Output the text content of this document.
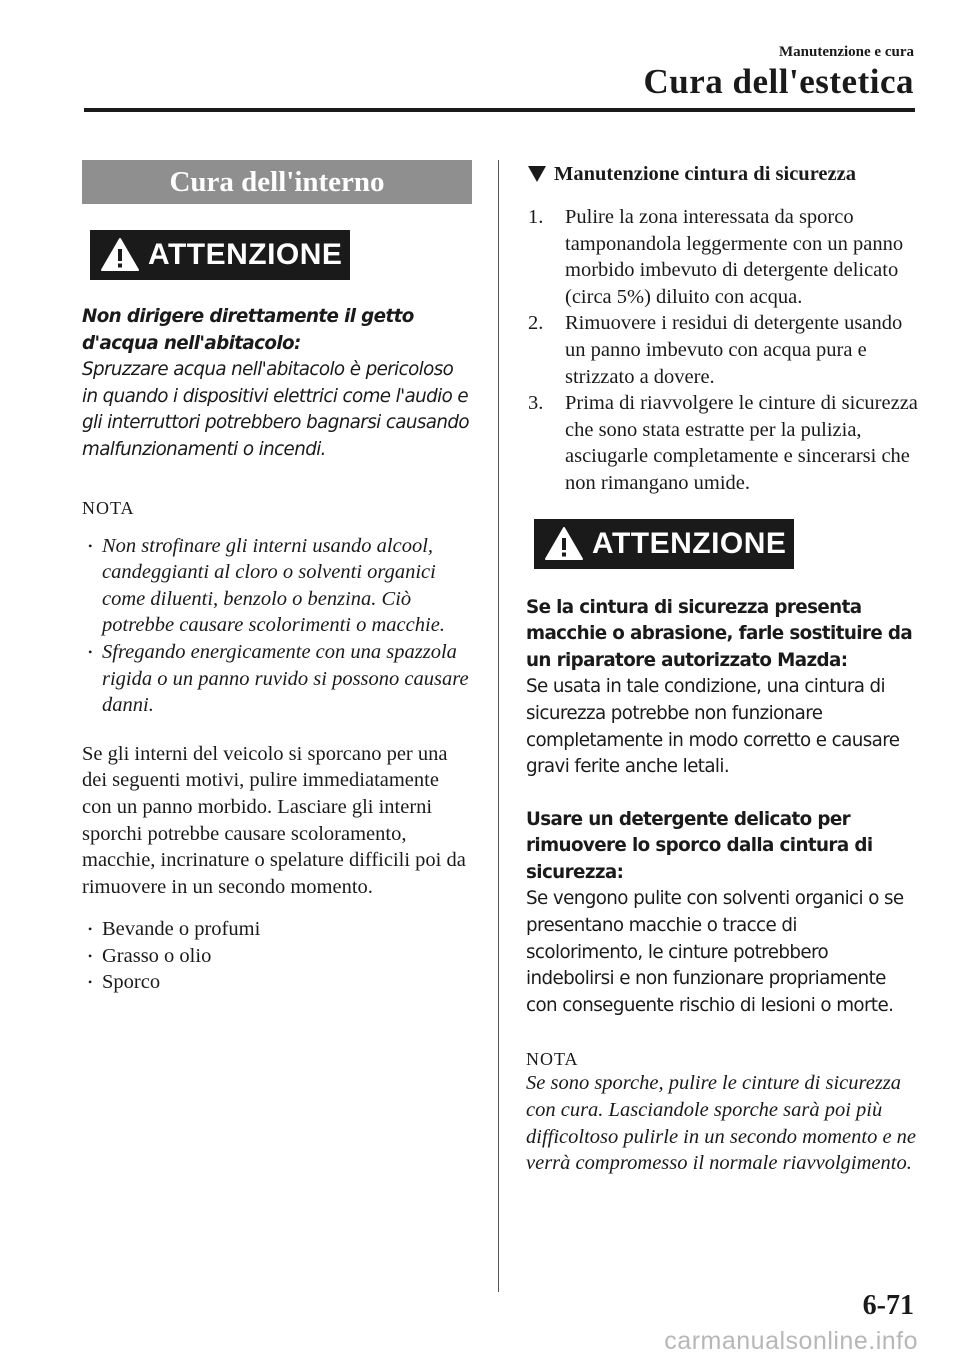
Manutenzione e cura
Cura dell'estetica
Cura dell'interno
ATTENZIONE

Non dirigere direttamente il getto d'acqua nell'abitacolo:

Spruzzare acqua nell'abitacolo è pericoloso in quando i dispositivi elettrici come l'audio e gli interruttori potrebbero bagnarsi causando malfunzionamenti o incendi.

NOTA

• Non strofinare gli interni usando alcool, candeggianti al cloro o solventi organici come diluenti, benzolo o benzina. Ciò potrebbe causare scolorimenti o macchie.
• Sfregando energicamente con una spazzola rigida o un panno ruvido si possono causare danni.

Se gli interni del veicolo si sporcano per una dei seguenti motivi, pulire immediatamente con un panno morbido. Lasciare gli interni sporchi potrebbe causare scoloramento, macchie, incrinature o spelature difficili poi da rimuovere in un secondo momento.

• Bevande o profumi
• Grasso o olio
• Sporco

Manutenzione cintura di sicurezza

1. Pulire la zona interessata da sporco tamponandola leggermente con un panno morbido imbevuto di detergente delicato (circa 5%) diluito con acqua.
2. Rimuovere i residui di detergente usando un panno imbevuto con acqua pura e strizzato a dovere.
3. Prima di riavvolgere le cinture di sicurezza che sono stata estratte per la pulizia, asciugarle completamente e sincerarsi che non rimangano umide.
ATTENZIONE

Se la cintura di sicurezza presenta macchie o abrasione, farle sostituire da un riparatore autorizzato Mazda:

Se usata in tale condizione, una cintura di sicurezza potrebbe non funzionare completamente in modo corretto e causare gravi ferite anche letali.

Usare un detergente delicato per rimuovere lo sporco dalla cintura di sicurezza:

Se vengono pulite con solventi organici o se presentano macchie o tracce di scolorimento, le cinture potrebbero indebolirsi e non funzionare propriamente con conseguente rischio di lesioni o morte.

NOTA

Se sono sporche, pulire le cinture di sicurezza con cura. Lasciandole sporche sarà poi più difficoltoso pulirle in un secondo momento e ne verrà compromesso il normale riavvolgimento.

6-71
carmanualsonline.info
